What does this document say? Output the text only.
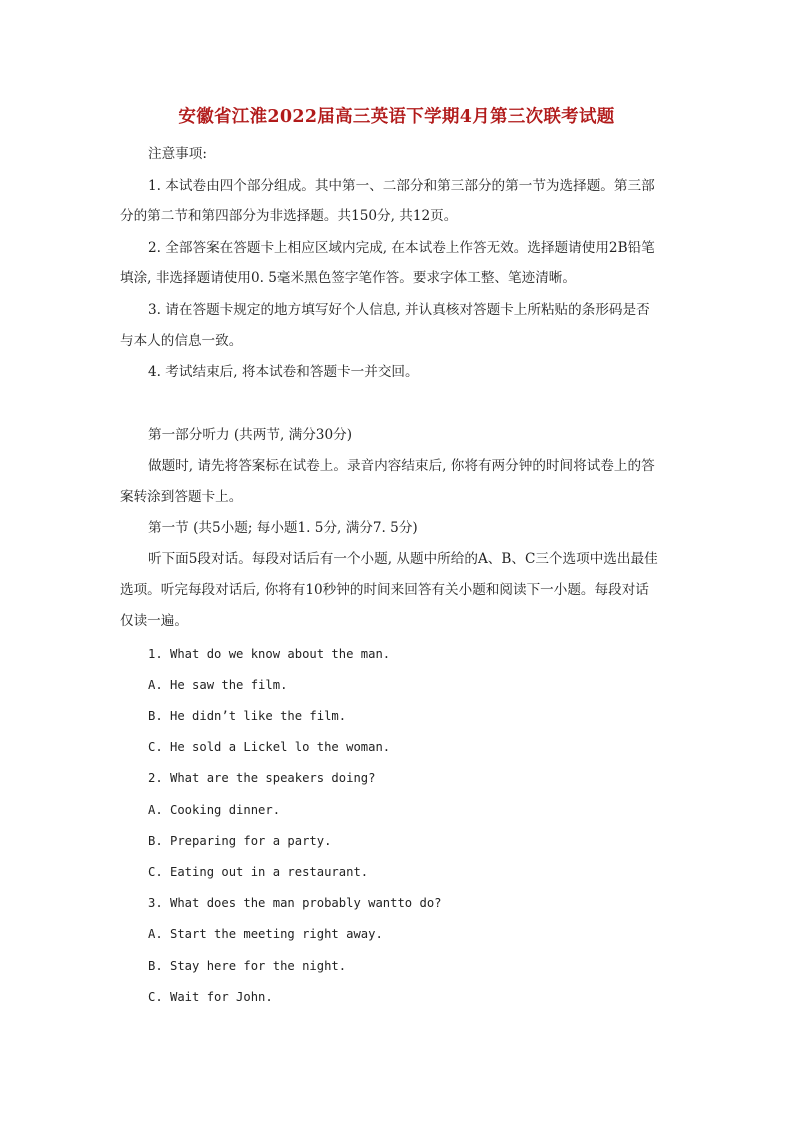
安徽省江淮2022届高三英语下学期4月第三次联考试题
注意事项:
1. 本试卷由四个部分组成。其中第一、二部分和第三部分的第一节为选择题。第三部
分的第二节和第四部分为非选择题。共150分, 共12页。
2. 全部答案在答题卡上相应区域内完成, 在本试卷上作答无效。选择题请使用2B铅笔
填涂, 非选择题请使用0. 5毫米黑色签字笔作答。要求字体工整、笔迹清晰。
3. 请在答题卡规定的地方填写好个人信息, 并认真核对答题卡上所粘贴的条形码是否
与本人的信息一致。
4. 考试结束后, 将本试卷和答题卡一并交回。
第一部分听力 (共两节, 满分30分)
做题时, 请先将答案标在试卷上。录音内容结束后, 你将有两分钟的时间将试卷上的答
案转涂到答题卡上。
第一节 (共5小题; 每小题1. 5分, 满分7. 5分)
听下面5段对话。每段对话后有一个小题, 从题中所给的A、B、C三个选项中选出最佳
选项。听完每段对话后, 你将有10秒钟的时间来回答有关小题和阅读下一小题。每段对话
仅读一遍。
1. What do we know about the man.
A. He saw the film.
B. He didn’t like the film.
C. He sold a Lickel lo the woman.
2. What are the speakers doing?
A. Cooking dinner.
B. Preparing for a party.
C. Eating out in a restaurant.
3. What does the man probably wantto do?
A. Start the meeting right away.
B. Stay here for the night.
C. Wait for John.
